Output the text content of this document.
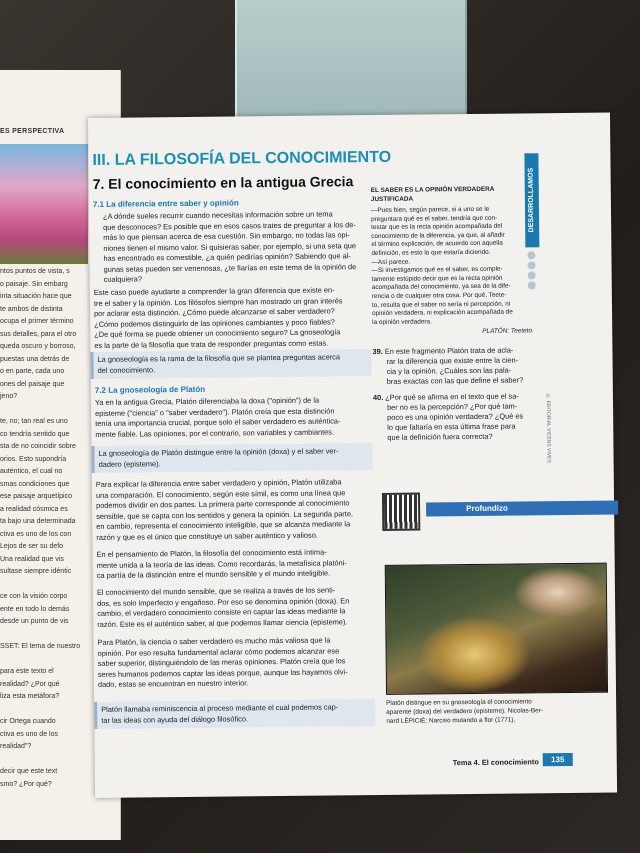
ES PERSPECTIVA
ntos puntos de vista, s
o paisaje. Sin embarg
inta situación hace que
te ambos de distinta
ocupa el primer término
sus detalles, para el otro
queda oscuro y borroso,
puestas una detrás de
o en parte, cada uno
ones del paisaje que
jeno?

te, no; tan real es uno
co tendría sentido que
sta de no coincidir sobre
orios. Esto supondría
auténtico, el cual no
smas condiciones que
ese paisaje arquetípico
a realidad cósmica es
ta bajo una determinada
ctiva es uno de los con
Lejos de ser su defo
Una realidad que vis
sultase siempre idéntic

ce con la visión corpo
ente en todo lo demás
desde un punto de vis

SSET: El tema de nuestro

para este texto el
realidad? ¿Por qué
liza esta metáfora?

cir Ortega cuando
ctiva es uno de los
realidad"?

decir que este text
smo? ¿Por qué?
III. LA FILOSOFÍA DEL CONOCIMIENTO
7. El conocimiento en la antigua Grecia
7.1 La diferencia entre saber y opinión
¿A dónde sueles recurrir cuando necesitas información sobre un tema
que desconoces? Es posible que en esos casos trates de preguntar a los de-
más lo que piensan acerca de esa cuestión. Sin embargo, no todas las opi-
niones tienen el mismo valor. Si quisieras saber, por ejemplo, si una seta que
has encontrado es comestible, ¿a quién pedirías opinión? Sabiendo que al-
gunas setas pueden ser venenosas, ¿te fiarías en este tema de la opinión de
cualquiera?
Este caso puede ayudarte a comprender la gran diferencia que existe en-
tre el saber y la opinión. Los filósofos siempre han mostrado un gran interés
por aclarar esta distinción. ¿Cómo puede alcanzarse el saber verdadero?
¿Cómo podemos distinguirlo de las opiniones cambiantes y poco fiables?
¿De qué forma se puede obtener un conocimiento seguro? La gnoseología
es la parte de la filosofía que trata de responder preguntas como estas.
La gnoseología es la rama de la filosofía que se plantea preguntas acerca
del conocimiento.
7.2 La gnoseología de Platón
Ya en la antigua Grecia, Platón diferenciaba la doxa ("opinión") de la
episteme ("ciencia" o "saber verdadero"). Platón creía que esta distinción
tenía una importancia crucial, porque solo el saber verdadero es auténtica-
mente fiable. Las opiniones, por el contrario, son variables y cambiantes.
La gnoseología de Platón distingue entre la opinión (doxa) y el saber ver-
dadero (episteme).
Para explicar la diferencia entre saber verdadero y opinión, Platón utilizaba
una comparación. El conocimiento, según este símil, es como una línea que
podemos dividir en dos partes. La primera parte corresponde al conocimiento
sensible, que se capta con los sentidos y genera la opinión. La segunda parte,
en cambio, representa el conocimiento inteligible, que se alcanza mediante la
razón y que es el único que constituye un saber auténtico y valioso.
En el pensamiento de Platón, la filosofía del conocimiento está íntima-
mente unida a la teoría de las ideas. Como recordarás, la metafísica platóni-
ca partía de la distinción entre el mundo sensible y el mundo inteligible.
El conocimiento del mundo sensible, que se realiza a través de los senti-
dos, es solo imperfecto y engañoso. Por eso se denomina opinión (doxa). En
cambio, el verdadero conocimiento consiste en captar las ideas mediante la
razón. Este es el auténtico saber, al que podemos llamar ciencia (episteme).
Para Platón, la ciencia o saber verdadero es mucho más valiosa que la
opinión. Por eso resulta fundamental aclarar cómo podemos alcanzar ese
saber superior, distinguiéndolo de las meras opiniones. Platón creía que los
seres humanos podemos captar las ideas porque, aunque las hayamos olvi-
dado, estas se encuentran en nuestro interior.
Platón llamaba reminiscencia al proceso mediante el cual podemos cap-
tar las ideas con ayuda del diálogo filosófico.
EL SABER ES LA OPINIÓN VERDADERA JUSTIFICADA
—Pues bien, según parece, si a uno se le
preguntara qué es el saber, tendría que con-
testar que es la recta opinión acompañada del
conocimiento de la diferencia, ya que, al añadir
el término explicación, de acuerdo con aquella
definición, es esto lo que estaría diciendo.
—Así parece.
—Si investigamos qué es el saber, es comple-
tamente estúpido decir que es la recta opinión
acompañada del conocimiento, ya sea de la dife-
rencia o de cualquier otra cosa. Por qué, Teete-
to, resulta que el saber no sería ni percepción, ni
opinión verdadera, ni explicación acompañada de
la opinión verdadera.
PLATÓN: Teeteto.
39. En este fragmento Platón trata de acla-
rar la diferencia que existe entre la cien-
cia y la opinión. ¿Cuáles son las pala-
bras exactas con las que define el saber?
40. ¿Por qué se afirma en el texto que el sa-
ber no es la percepción? ¿Por qué tam-
poco es una opinión verdadera? ¿Qué es
lo que faltaría en esta última frase para
que la definición fuera correcta?
DESARROLLAMOS
© EDITORIAL VICENS VIVES
Profundizo
Platón distingue en su gnoseología el conocimiento
aparente (doxa) del verdadero (episteme). Nicolas-Ber-
nard LÉPICIÉ: Narciso mutando a flor (1771).
Tema 4. El conocimiento	135
